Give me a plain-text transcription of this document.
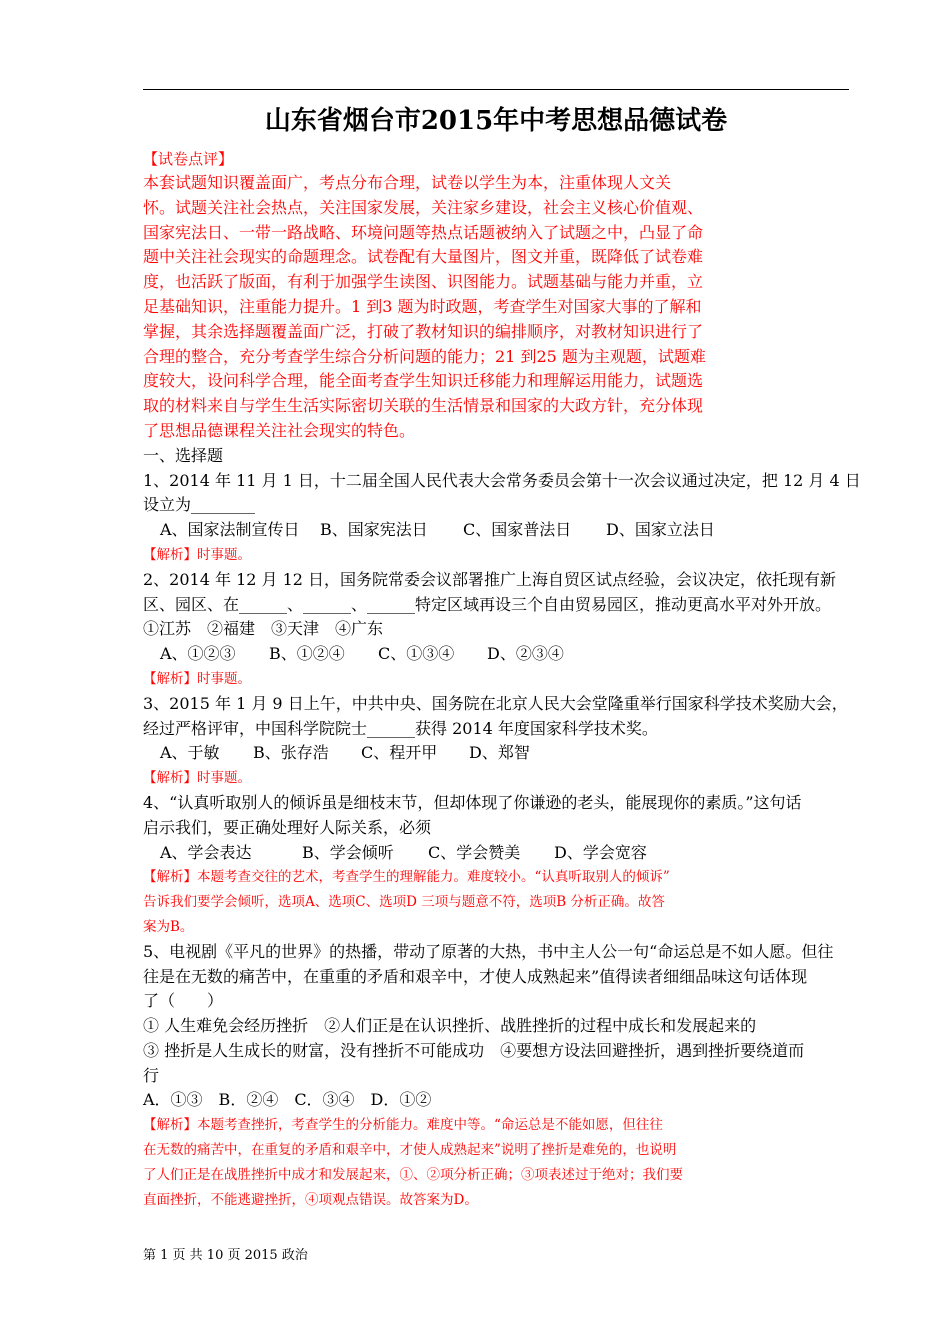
山东省烟台市2015年中考思想品德试卷
【试卷点评】
本套试题知识覆盖面广，考点分布合理，试卷以学生为本，注重体现人文关
怀。试题关注社会热点，关注国家发展，关注家乡建设，社会主义核心价值观、
国家宪法日、一带一路战略、环境问题等热点话题被纳入了试题之中，凸显了命
题中关注社会现实的命题理念。试卷配有大量图片，图文并重，既降低了试卷难
度，也活跃了版面，有利于加强学生读图、识图能力。试题基础与能力并重，立
足基础知识，注重能力提升。1 到3 题为时政题，考查学生对国家大事的了解和
掌握，其余选择题覆盖面广泛，打破了教材知识的编排顺序，对教材知识进行了
合理的整合，充分考查学生综合分析问题的能力；21 到25 题为主观题，试题难
度较大，设问科学合理，能全面考查学生知识迁移能力和理解运用能力，试题选
取的材料来自与学生生活实际密切关联的生活情景和国家的大政方针，充分体现
了思想品德课程关注社会现实的特色。
一、选择题
1、2014 年 11 月 1 日，十二届全国人民代表大会常务委员会第十一次会议通过决定，把 12 月 4 日
设立为________
A、国家法制宣传日	B、国家宪法日	C、国家普法日	D、国家立法日
【解析】时事题。
2、2014 年 12 月 12 日，国务院常委会议部署推广上海自贸区试点经验，会议决定，依托现有新
区、园区、在______、______、______特定区域再设三个自由贸易园区，推动更高水平对外开放。
①江苏　②福建　③天津　④广东
A、①②③	B、①②④	C、①③④	D、②③④
【解析】时事题。
3、2015 年 1 月 9 日上午，中共中央、国务院在北京人民大会堂隆重举行国家科学技术奖励大会，
经过严格评审，中国科学院院士______获得 2014 年度国家科学技术奖。
A、于敏	B、张存浩	C、程开甲	D、郑智
【解析】时事题。
4、“认真听取别人的倾诉虽是细枝末节，但却体现了你谦逊的老头，能展现你的素质。”这句话
启示我们，要正确处理好人际关系，必须
A、学会表达	B、学会倾听	C、学会赞美	D、学会宽容
【解析】本题考查交往的艺术，考查学生的理解能力。难度较小。“认真听取别人的倾诉”
告诉我们要学会倾听，选项A、选项C、选项D 三项与题意不符，选项B 分析正确。故答
案为B。
5、电视剧《平凡的世界》的热播，带动了原著的大热，书中主人公一句“命运总是不如人愿。但往
往是在无数的痛苦中，在重重的矛盾和艰辛中，才使人成熟起来”值得读者细细品味这句话体现
了（　　）
① 人生难免会经历挫折　②人们正是在认识挫折、战胜挫折的过程中成长和发展起来的
③ 挫折是人生成长的财富，没有挫折不可能成功　④要想方设法回避挫折，遇到挫折要绕道而
行
A．①③　B．②④　C．③④　D．①②
【解析】本题考查挫折，考查学生的分析能力。难度中等。“命运总是不能如愿，但往往
在无数的痛苦中，在重复的矛盾和艰辛中，才使人成熟起来”说明了挫折是难免的，也说明
了人们正是在战胜挫折中成才和发展起来，①、②项分析正确；③项表述过于绝对；我们要
直面挫折，不能逃避挫折，④项观点错误。故答案为D。
第 1 页 共 10 页 2015 政治
